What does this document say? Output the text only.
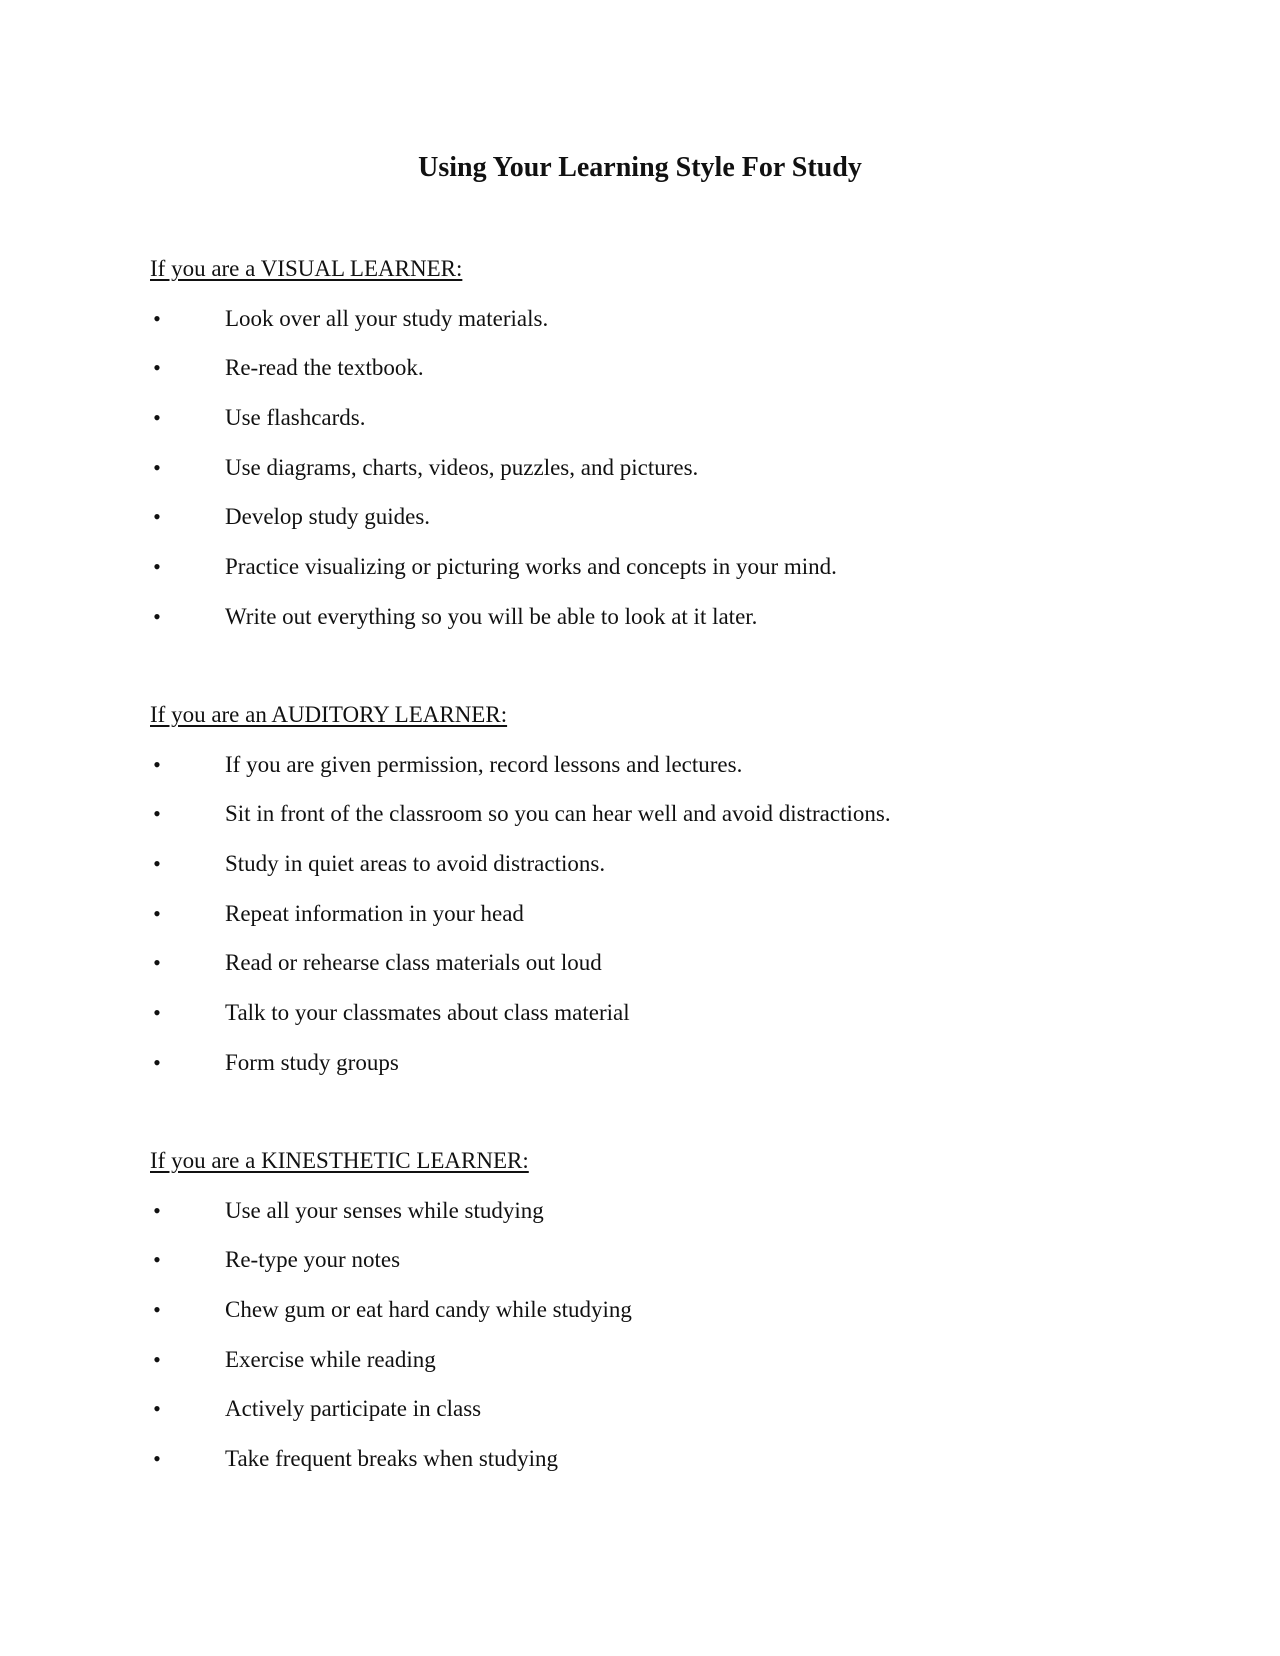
Using Your Learning Style For Study

If you are a VISUAL LEARNER:

•	Look over all your study materials.
•	Re-read the textbook.
•	Use flashcards.
•	Use diagrams, charts, videos, puzzles, and pictures.
•	Develop study guides.
•	Practice visualizing or picturing works and concepts in your mind.
•	Write out everything so you will be able to look at it later.

If you are an AUDITORY LEARNER:

•	If you are given permission, record lessons and lectures.
•	Sit in front of the classroom so you can hear well and avoid distractions.
•	Study in quiet areas to avoid distractions.
•	Repeat information in your head
•	Read or rehearse class materials out loud
•	Talk to your classmates about class material
•	Form study groups

If you are a KINESTHETIC LEARNER:

•	Use all your senses while studying
•	Re-type your notes
•	Chew gum or eat hard candy while studying
•	Exercise while reading
•	Actively participate in class
•	Take frequent breaks when studying
